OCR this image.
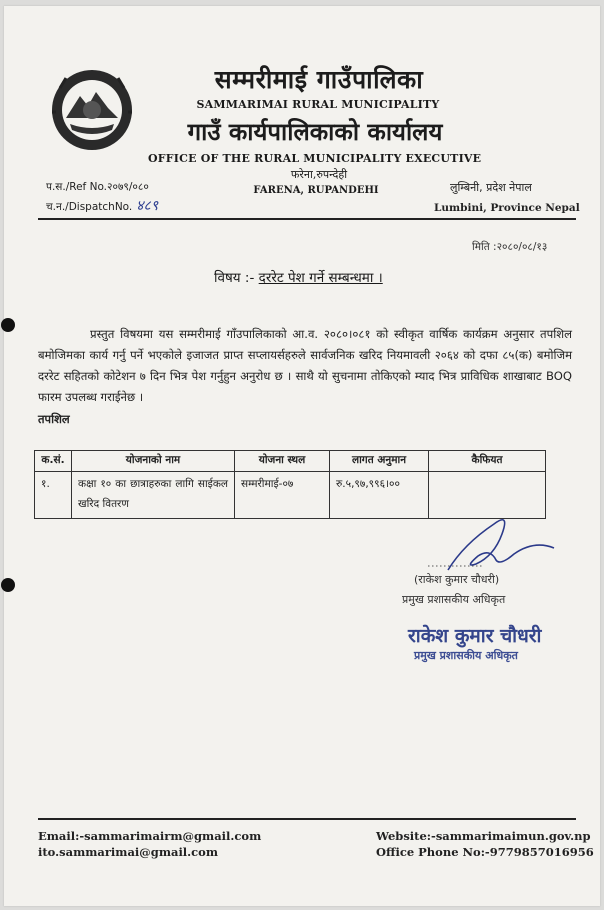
सम्मरीमाई गाउँपालिका
SAMMARIMAI RURAL MUNICIPALITY
गाउँ कार्यपालिकाको कार्यालय
OFFICE OF THE RURAL MUNICIPALITY EXECUTIVE
फरेना,रुपन्देही
FARENA, RUPANDEHI
प.स./Ref No.२०७९/०८०
च.न./DispatchNo. ४८९
लुम्बिनी, प्रदेश नेपाल
Lumbini, Province Nepal
मिति :२०८०/०८/१३
विषय :- दररेट पेश गर्ने सम्बन्धमा ।
प्रस्तुत विषयमा यस सम्मरीमाई गाँउपालिकाको आ.व. २०८०।०८१ को स्वीकृत वार्षिक कार्यक्रम अनुसार तपशिल बमोजिमका कार्य गर्नु पर्ने भएकोले इजाजत प्राप्त सप्लायर्सहरुले सार्वजनिक खरिद नियमावली २०६४ को दफा ८५(क) बमोजिम दररेट सहितको कोटेशन ७ दिन भित्र पेश गर्नुहुन अनुरोध छ । साथै यो सुचनामा तोकिएको म्याद भित्र प्राविधिक शाखाबाट BOQ फारम उपलब्ध गराईनेछ ।
तपशिल
क.सं.	योजनाको नाम	योजना स्थल	लागत अनुमान	कैफियत
१.	कक्षा १० का छात्राहरुका लागि साईकल खरिद वितरण	सम्मरीमाई-०७	रु.५,९७,९९६।००	
(राकेश कुमार चौधरी)
प्रमुख प्रशासकीय अधिकृत
राकेश कुमार चौधरी
प्रमुख प्रशासकीय अधिकृत
Email:-sammarimairm@gmail.com
ito.sammarimai@gmail.com
Website:-sammarimaimun.gov.np
Office Phone No:-9779857016956
